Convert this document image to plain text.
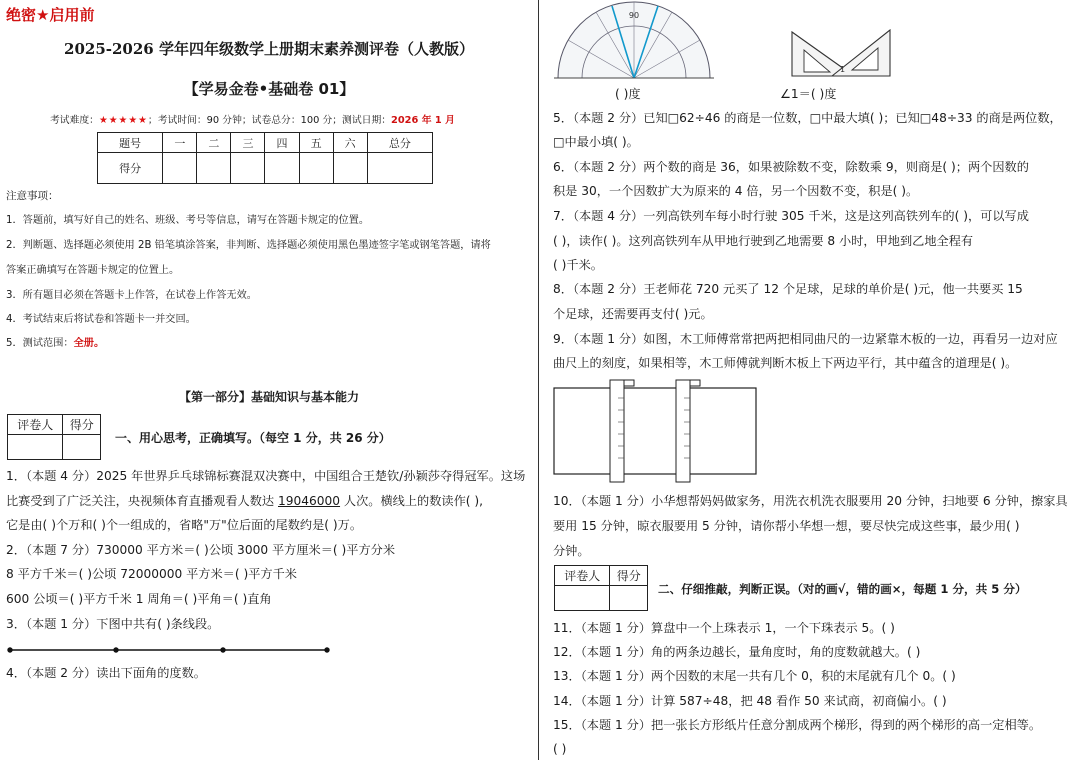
绝密★启用前
2025-2026 学年四年级数学上册期末素养测评卷（人教版）
【学易金卷•基础卷 01】
考试难度：★★★★★；考试时间：90 分钟；试卷总分：100 分；测试日期：2026 年 1 月
题号	一	二	三	四	五	六	总分
得分							
注意事项：
1．答题前，填写好自己的姓名、班级、考号等信息，请写在答题卡规定的位置。
2．判断题、选择题必须使用 2B 铅笔填涂答案，非判断、选择题必须使用黑色墨迹签字笔或钢笔答题，请将
答案正确填写在答题卡规定的位置上。
3．所有题目必须在答题卡上作答，在试卷上作答无效。
4．考试结束后将试卷和答题卡一并交回。
5．测试范围：全册。
【第一部分】基础知识与基本能力
评卷人	得分

一、用心思考，正确填写。（每空 1 分，共 26 分）
1．（本题 4 分）2025 年世界乒乓球锦标赛混双决赛中，中国组合王楚钦/孙颖莎夺得冠军。这场
比赛受到了广泛关注，央视频体育直播观看人数达 19046000 人次。横线上的数读作( ),
它是由( )个万和( )个一组成的，省略"万"位后面的尾数约是( )万。
2．（本题 7 分）730000 平方米＝( )公顷 3000 平方厘米＝( )平方分米
8 平方千米＝( )公顷 72000000 平方米＝( )平方千米
600 公顷＝( )平方千米 1 周角＝( )平角＝( )直角
3．（本题 1 分）下图中共有( )条线段。
4．（本题 2 分）读出下面角的度数。
90
1
( )度	∠1＝( )度
5．（本题 2 分）已知□62÷46 的商是一位数，□中最大填( )；已知□48÷33 的商是两位数，
□中最小填( )。
6．（本题 2 分）两个数的商是 36，如果被除数不变，除数乘 9，则商是( )；两个因数的
积是 30，一个因数扩大为原来的 4 倍，另一个因数不变，积是( )。
7．（本题 4 分）一列高铁列车每小时行驶 305 千米，这是这列高铁列车的( )，可以写成
( )，读作( )。这列高铁列车从甲地行驶到乙地需要 8 小时，甲地到乙地全程有
( )千米。
8．（本题 2 分）王老师花 720 元买了 12 个足球，足球的单价是( )元，他一共要买 15
个足球，还需要再支付( )元。
9．（本题 1 分）如图，木工师傅常常把两把相同曲尺的一边紧靠木板的一边，再看另一边对应
曲尺上的刻度，如果相等，木工师傅就判断木板上下两边平行，其中蕴含的道理是( )。
10．（本题 1 分）小华想帮妈妈做家务，用洗衣机洗衣服要用 20 分钟，扫地要 6 分钟，擦家具
要用 15 分钟，晾衣服要用 5 分钟，请你帮小华想一想，要尽快完成这些事，最少用( )
分钟。
评卷人	得分

二、仔细推敲，判断正误。（对的画√，错的画×，每题 1 分，共 5 分）
11．（本题 1 分）算盘中一个上珠表示 1，一个下珠表示 5。( )
12．（本题 1 分）角的两条边越长，量角度时，角的度数就越大。( )
13．（本题 1 分）两个因数的末尾一共有几个 0，积的末尾就有几个 0。( )
14．（本题 1 分）计算 587÷48，把 48 看作 50 来试商，初商偏小。( )
15．（本题 1 分）把一张长方形纸片任意分割成两个梯形，得到的两个梯形的高一定相等。
( )
